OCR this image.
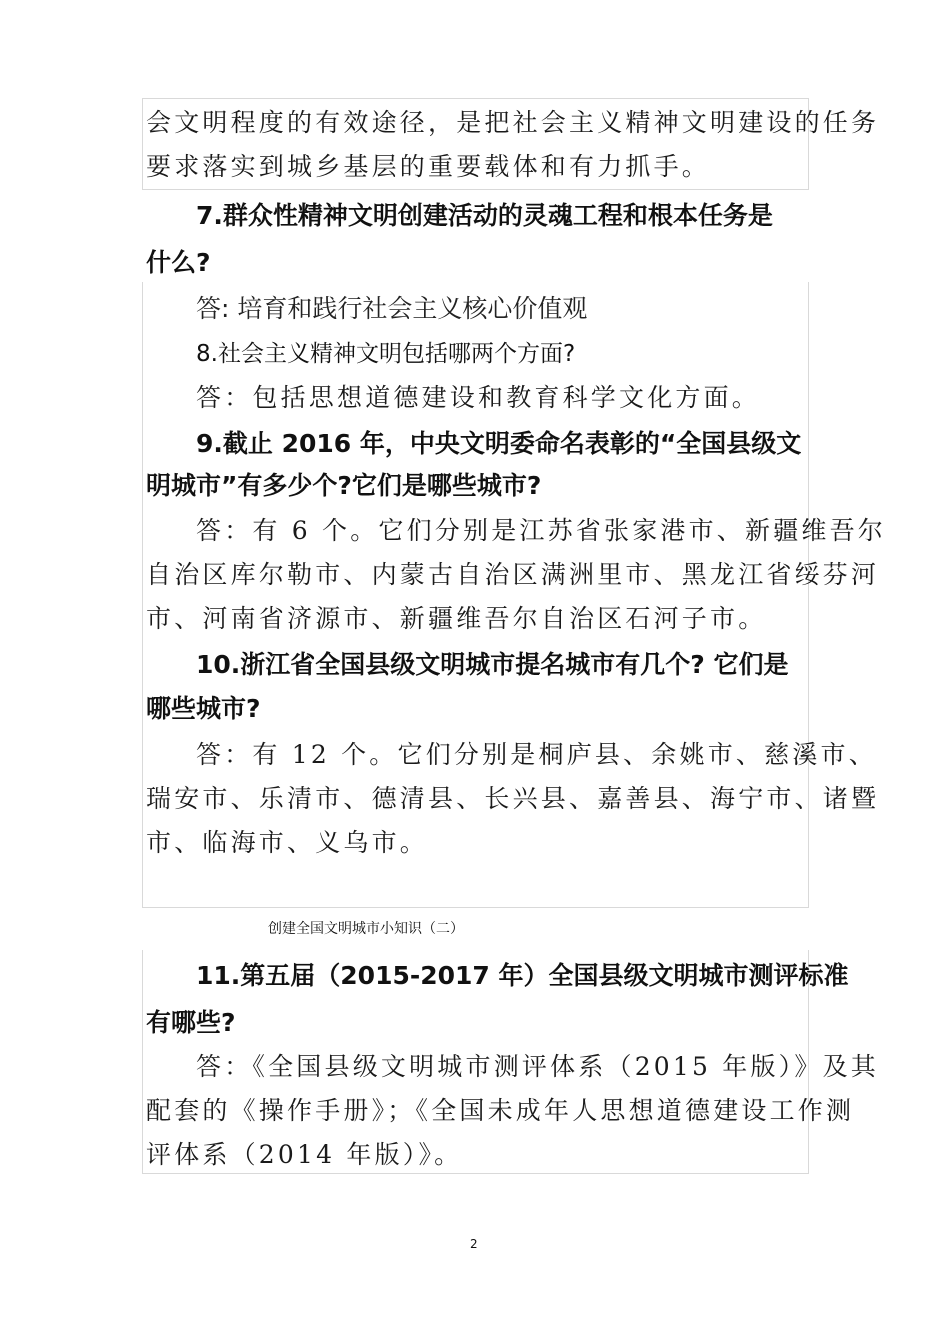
会文明程度的有效途径，是把社会主义精神文明建设的任务
要求落实到城乡基层的重要载体和有力抓手。
7.群众性精神文明创建活动的灵魂工程和根本任务是
什么?
答: 培育和践行社会主义核心价值观
8.社会主义精神文明包括哪两个方面?
答：包括思想道德建设和教育科学文化方面。
9.截止 2016 年，中央文明委命名表彰的“全国县级文
明城市”有多少个?它们是哪些城市?
答：有 6 个。它们分别是江苏省张家港市、新疆维吾尔
自治区库尔勒市、内蒙古自治区满洲里市、黑龙江省绥芬河
市、河南省济源市、新疆维吾尔自治区石河子市。
10.浙江省全国县级文明城市提名城市有几个? 它们是
哪些城市?
答：有 12 个。它们分别是桐庐县、余姚市、慈溪市、
瑞安市、乐清市、德清县、长兴县、嘉善县、海宁市、诸暨
市、临海市、义乌市。
创建全国文明城市小知识（二）
11.第五届（2015-2017 年）全国县级文明城市测评标准
有哪些?
答：《全国县级文明城市测评体系（2015 年版）》及其
配套的《操作手册》；《全国未成年人思想道德建设工作测
评体系（2014 年版）》。
2
